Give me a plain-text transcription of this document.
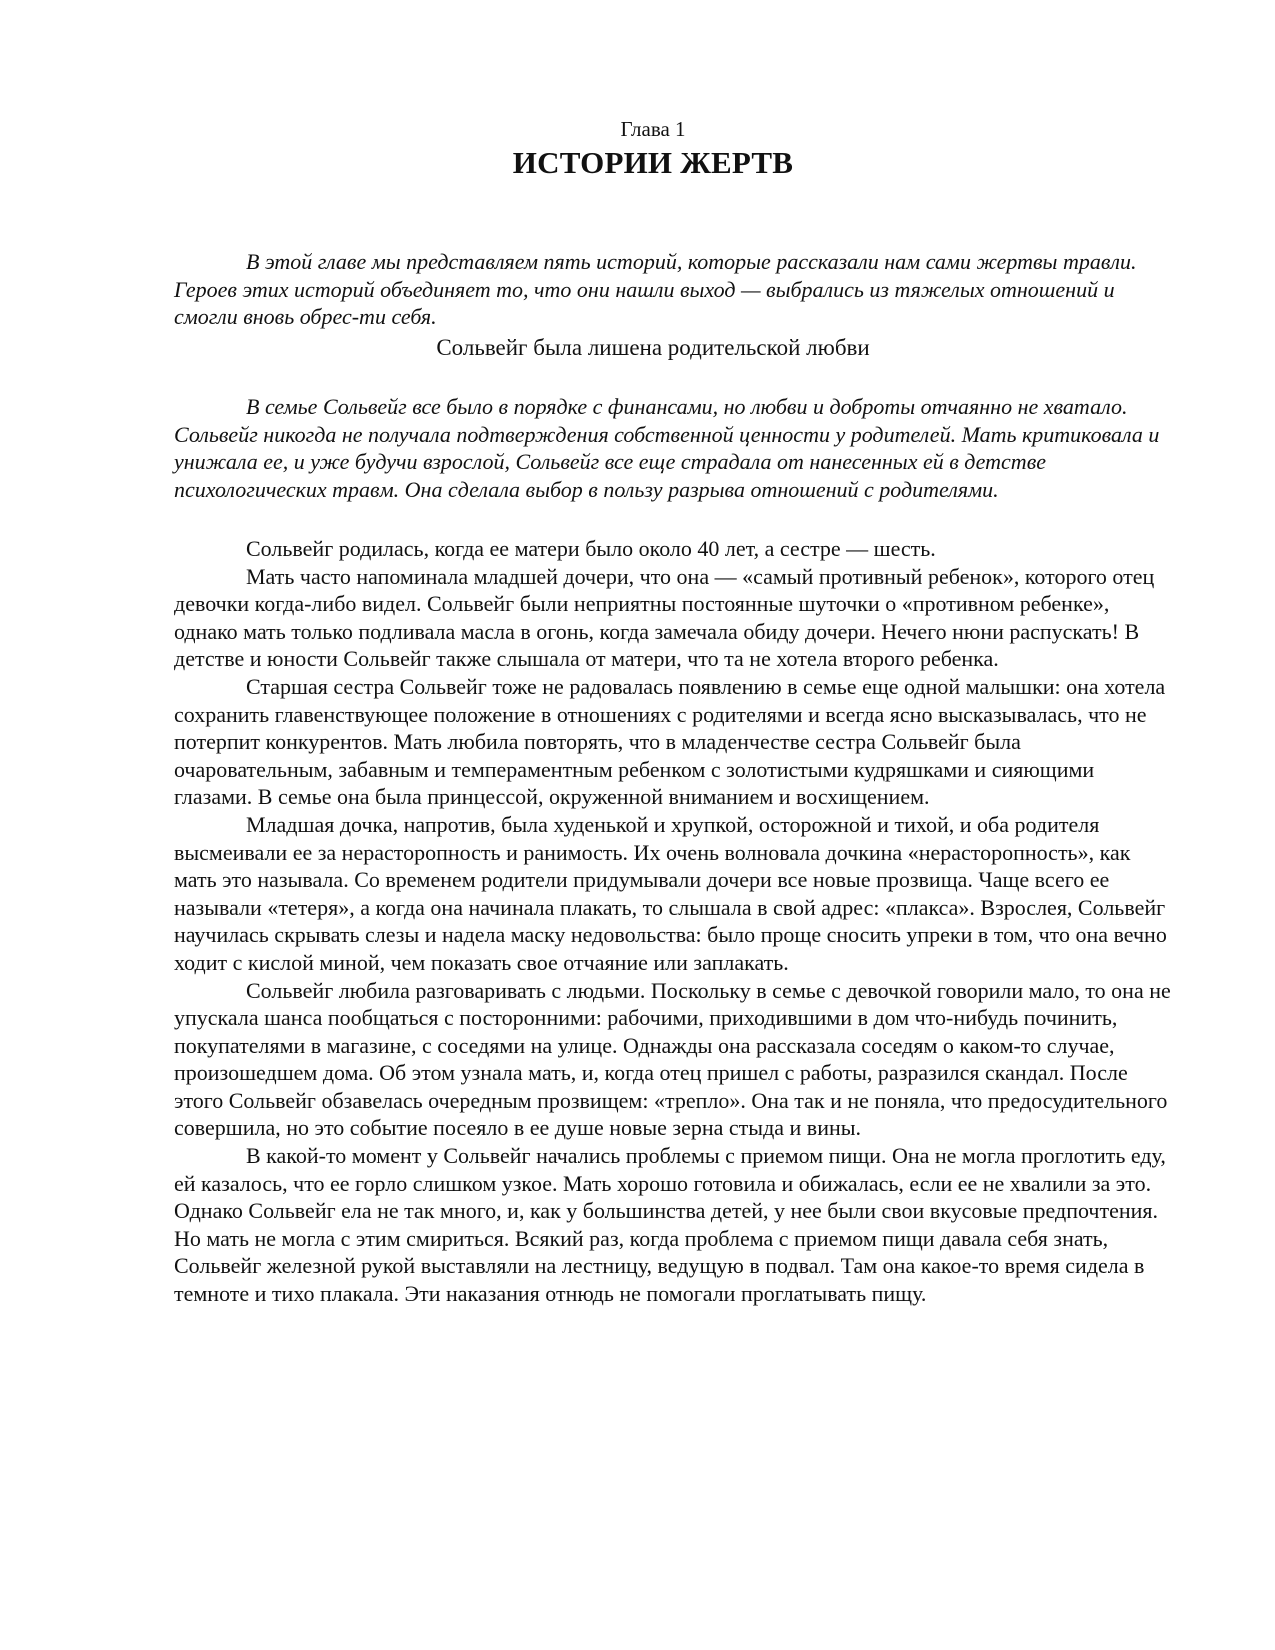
Глава 1
ИСТОРИИ ЖЕРТВ

В этой главе мы представляем пять историй, которые рассказали нам сами жертвы травли. Героев этих историй объединяет то, что они нашли выход — выбрались из тяжелых отношений и смогли вновь обрес-ти себя.

Сольвейг была лишена родительской любви

В семье Сольвейг все было в порядке с финансами, но любви и доброты отчаянно не хватало. Сольвейг никогда не получала подтверждения собственной ценности у родителей. Мать критиковала и унижала ее, и уже будучи взрослой, Сольвейг все еще страдала от нанесенных ей в детстве психологических травм. Она сделала выбор в пользу разрыва отношений с родителями.

Сольвейг родилась, когда ее матери было около 40 лет, а сестре — шесть.

Мать часто напоминала младшей дочери, что она — «самый противный ребенок», которого отец девочки когда-либо видел. Сольвейг были неприятны постоянные шуточки о «противном ребенке», однако мать только подливала масла в огонь, когда замечала обиду дочери. Нечего нюни распускать! В детстве и юности Сольвейг также слышала от матери, что та не хотела второго ребенка.

Старшая сестра Сольвейг тоже не радовалась появлению в семье еще одной малышки: она хотела сохранить главенствующее положение в отношениях с родителями и всегда ясно высказывалась, что не потерпит конкурентов. Мать любила повторять, что в младенчестве сестра Сольвейг была очаровательным, забавным и темпераментным ребенком с золотистыми кудряшками и сияющими глазами. В семье она была принцессой, окруженной вниманием и восхищением.

Младшая дочка, напротив, была худенькой и хрупкой, осторожной и тихой, и оба родителя высмеивали ее за нерасторопность и ранимость. Их очень волновала дочкина «нерасторопность», как мать это называла. Со временем родители придумывали дочери все новые прозвища. Чаще всего ее называли «тетеря», а когда она начинала плакать, то слышала в свой адрес: «плакса». Взрослея, Сольвейг научилась скрывать слезы и надела маску недовольства: было проще сносить упреки в том, что она вечно ходит с кислой миной, чем показать свое отчаяние или заплакать.

Сольвейг любила разговаривать с людьми. Поскольку в семье с девочкой говорили мало, то она не упускала шанса пообщаться с посторонними: рабочими, приходившими в дом что-нибудь починить, покупателями в магазине, с соседями на улице. Однажды она рассказала соседям о каком-то случае, произошедшем дома. Об этом узнала мать, и, когда отец пришел с работы, разразился скандал. После этого Сольвейг обзавелась очередным прозвищем: «трепло». Она так и не поняла, что предосудительного совершила, но это событие посеяло в ее душе новые зерна стыда и вины.

В какой-то момент у Сольвейг начались проблемы с приемом пищи. Она не могла проглотить еду, ей казалось, что ее горло слишком узкое. Мать хорошо готовила и обижалась, если ее не хвалили за это. Однако Сольвейг ела не так много, и, как у большинства детей, у нее были свои вкусовые предпочтения. Но мать не могла с этим смириться. Всякий раз, когда проблема с приемом пищи давала себя знать, Сольвейг железной рукой выставляли на лестницу, ведущую в подвал. Там она какое-то время сидела в темноте и тихо плакала. Эти наказания отнюдь не помогали проглатывать пищу.
